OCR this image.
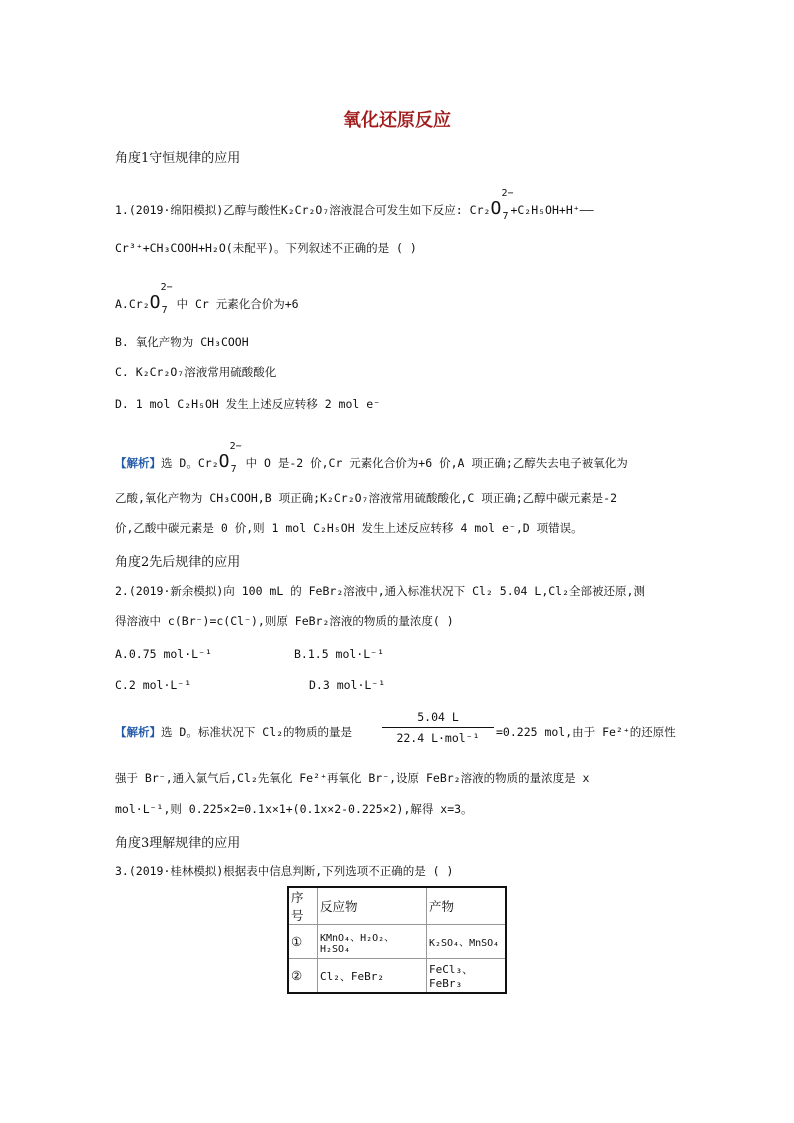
氧化还原反应
角度1守恒规律的应用
1.(2019·绵阳模拟)乙醇与酸性K₂Cr₂O₇溶液混合可发生如下反应: Cr₂ O
2−
7 +C₂H₅OH+H⁺——
Cr³⁺+CH₃COOH+H₂O(未配平)。下列叙述不正确的是 ( )
A.Cr₂ O
2−
7 中 Cr 元素化合价为+6
B. 氧化产物为 CH₃COOH
C. K₂Cr₂O₇溶液常用硫酸酸化
D. 1 mol C₂H₅OH 发生上述反应转移 2 mol e⁻
【解析】选 D。Cr₂ O
2−
7 中 O 是-2 价,Cr 元素化合价为+6 价,A 项正确;乙醇失去电子被氧化为
乙酸,氧化产物为 CH₃COOH,B 项正确;K₂Cr₂O₇溶液常用硫酸酸化,C 项正确;乙醇中碳元素是-2
价,乙酸中碳元素是 0 价,则 1 mol C₂H₅OH 发生上述反应转移 4 mol e⁻,D 项错误。
角度2先后规律的应用
2.(2019·新余模拟)向 100 mL 的 FeBr₂溶液中,通入标准状况下 Cl₂ 5.04 L,Cl₂全部被还原,测
得溶液中 c(Br⁻)=c(Cl⁻),则原 FeBr₂溶液的物质的量浓度( )
A.0.75 mol·L⁻¹	B.1.5 mol·L⁻¹
C.2 mol·L⁻¹	D.3 mol·L⁻¹
【解析】选 D。标准状况下 Cl₂的物质的量是
5.04 L
22.4 L·mol⁻¹	=0.225 mol,由于 Fe²⁺的还原性
强于 Br⁻,通入氯气后,Cl₂先氧化 Fe²⁺再氧化 Br⁻,设原 FeBr₂溶液的物质的量浓度是 x
mol·L⁻¹,则 0.225×2=0.1x×1+(0.1x×2-0.225×2),解得 x=3。
角度3理解规律的应用
3.(2019·桂林模拟)根据表中信息判断,下列选项不正确的是 ( )
序号	反应物	产物
①	KMnO₄、H₂O₂、H₂SO₄	K₂SO₄、MnSO₄
②	Cl₂、FeBr₂	FeCl₃、FeBr₃
